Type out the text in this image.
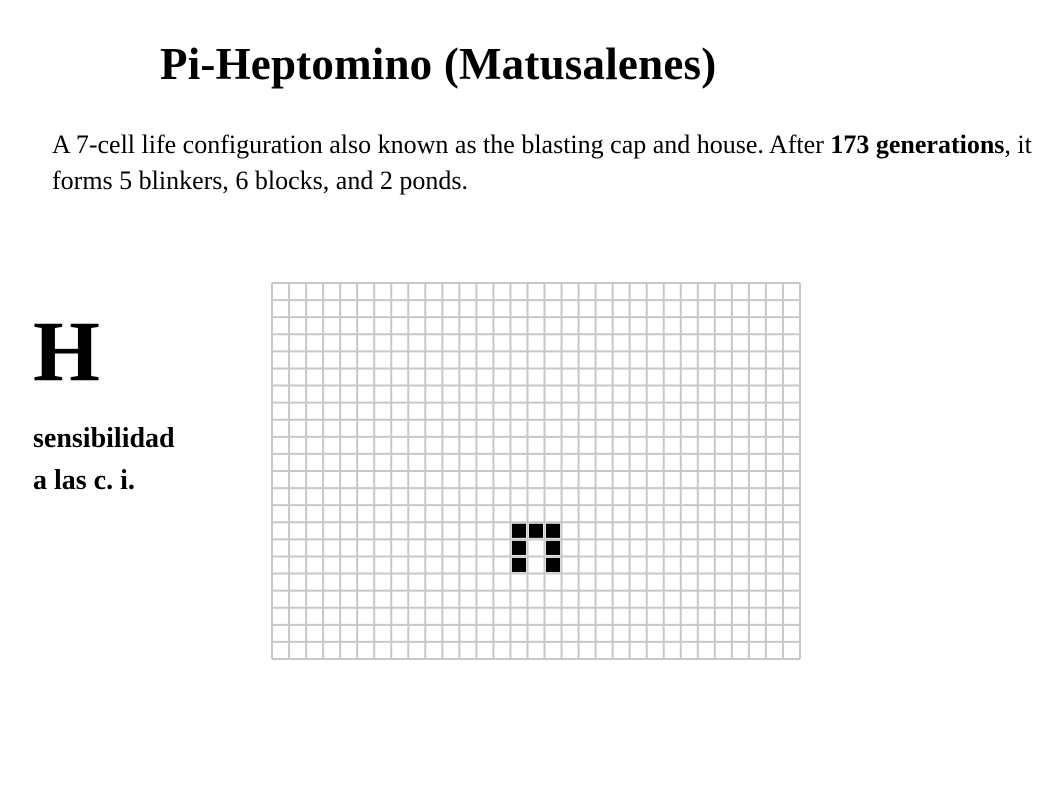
Pi-Heptomino (Matusalenes)
A 7-cell life configuration also known as the blasting cap and house. After 173 generations, it forms 5 blinkers, 6 blocks, and 2 ponds.
H
sensibilidad
a las c. i.
